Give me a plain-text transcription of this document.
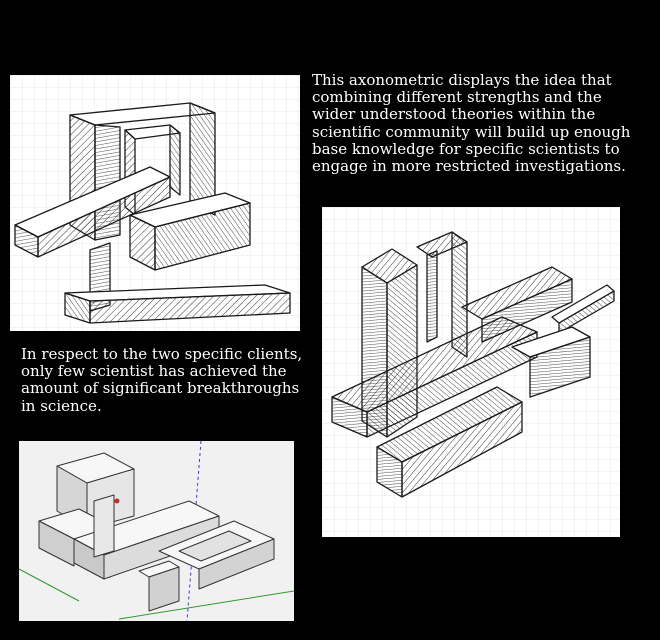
This axonometric displays the idea that
combining different strengths and the
wider understood theories within the
scientific community will build up enough
base knowledge for specific scientists to
engage in more restricted investigations.

In respect to the two specific clients,
only few scientist has achieved the
amount of significant breakthroughs
in science.
